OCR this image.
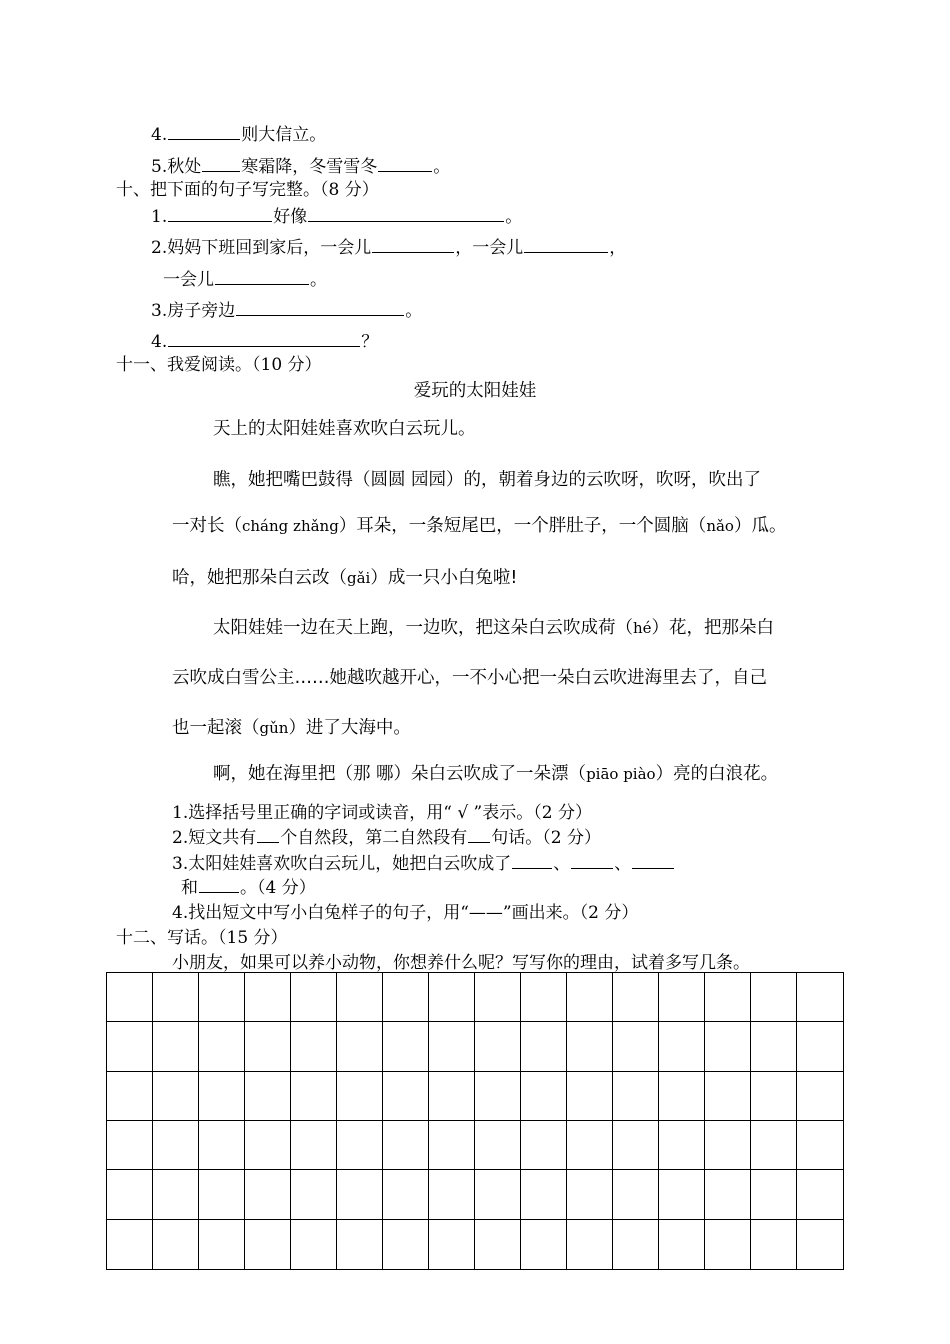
4.	则大信立。
5.秋处 寒霜降，冬雪雪冬	。
十、把下面的句子写完整。（8 分）
1.	好像	。
2.妈妈下班回到家后，一会儿	，一会儿	，
一会儿	。
3.房子旁边	。
4.	？
十一、我爱阅读。（10 分）
爱玩的太阳娃娃
天上的太阳娃娃喜欢吹白云玩儿。
瞧，她把嘴巴鼓得（圆圆 园园）的，朝着身边的云吹呀，吹呀，吹出了
一对长（cháng zhǎng）耳朵，一条短尾巴，一个胖肚子，一个圆脑（nǎo）瓜。
哈，她把那朵白云改（gǎi）成一只小白兔啦!
太阳娃娃一边在天上跑，一边吹，把这朵白云吹成荷（hé）花，把那朵白
云吹成白雪公主……她越吹越开心，一不小心把一朵白云吹进海里去了，自己
也一起滚（gǔn）进了大海中。
啊，她在海里把（那 哪）朵白云吹成了一朵漂（piāo piào）亮的白浪花。
1.选择括号里正确的字词或读音，用“ √ ”表示。（2 分）
2.短文共有 个自然段，第二自然段有 句话。（2 分）
3.太阳娃娃喜欢吹白云玩儿，她把白云吹成了 、	、
和 。（4 分）
4.找出短文中写小白兔样子的句子，用“——”画出来。（2 分）
十二、写话。（15 分）
小朋友，如果可以养小动物，你想养什么呢？写写你的理由，试着多写几条。
